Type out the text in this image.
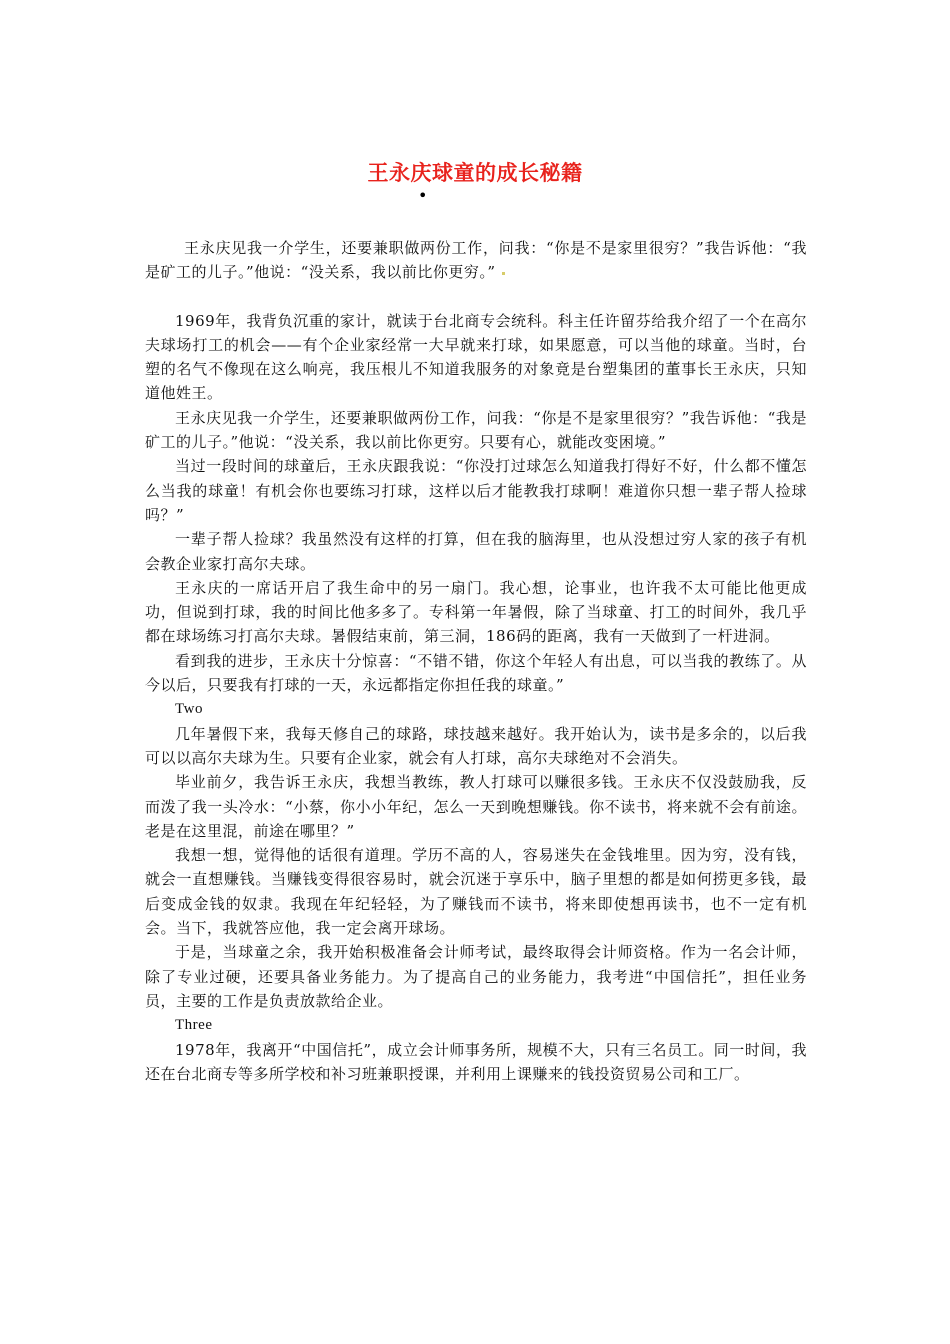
王永庆球童的成长秘籍
•

王永庆见我一介学生，还要兼职做两份工作，问我：“你是不是家里很穷？”我告诉他：“我是矿工的儿子。”他说：“没关系，我以前比你更穷。”

1969年，我背负沉重的家计，就读于台北商专会统科。科主任许留芬给我介绍了一个在高尔夫球场打工的机会——有个企业家经常一大早就来打球，如果愿意，可以当他的球童。当时，台塑的名气不像现在这么响亮，我压根儿不知道我服务的对象竟是台塑集团的董事长王永庆，只知道他姓王。

王永庆见我一介学生，还要兼职做两份工作，问我：“你是不是家里很穷？”我告诉他：“我是矿工的儿子。”他说：“没关系，我以前比你更穷。只要有心，就能改变困境。”

当过一段时间的球童后，王永庆跟我说：“你没打过球怎么知道我打得好不好，什么都不懂怎么当我的球童！有机会你也要练习打球，这样以后才能教我打球啊！难道你只想一辈子帮人捡球吗？”

一辈子帮人捡球？我虽然没有这样的打算，但在我的脑海里，也从没想过穷人家的孩子有机会教企业家打高尔夫球。

王永庆的一席话开启了我生命中的另一扇门。我心想，论事业，也许我不太可能比他更成功，但说到打球，我的时间比他多多了。专科第一年暑假，除了当球童、打工的时间外，我几乎都在球场练习打高尔夫球。暑假结束前，第三洞，186码的距离，我有一天做到了一杆进洞。

看到我的进步，王永庆十分惊喜：“不错不错，你这个年轻人有出息，可以当我的教练了。从今以后，只要我有打球的一天，永远都指定你担任我的球童。”

Two

几年暑假下来，我每天修自己的球路，球技越来越好。我开始认为，读书是多余的，以后我可以以高尔夫球为生。只要有企业家，就会有人打球，高尔夫球绝对不会消失。

毕业前夕，我告诉王永庆，我想当教练，教人打球可以赚很多钱。王永庆不仅没鼓励我，反而泼了我一头冷水：“小蔡，你小小年纪，怎么一天到晚想赚钱。你不读书，将来就不会有前途。老是在这里混，前途在哪里？”

我想一想，觉得他的话很有道理。学历不高的人，容易迷失在金钱堆里。因为穷，没有钱，就会一直想赚钱。当赚钱变得很容易时，就会沉迷于享乐中，脑子里想的都是如何捞更多钱，最后变成金钱的奴隶。我现在年纪轻轻，为了赚钱而不读书，将来即使想再读书，也不一定有机会。当下，我就答应他，我一定会离开球场。

于是，当球童之余，我开始积极准备会计师考试，最终取得会计师资格。作为一名会计师，除了专业过硬，还要具备业务能力。为了提高自己的业务能力，我考进“中国信托”，担任业务员，主要的工作是负责放款给企业。

Three

1978年，我离开“中国信托”，成立会计师事务所，规模不大，只有三名员工。同一时间，我还在台北商专等多所学校和补习班兼职授课，并利用上课赚来的钱投资贸易公司和工厂。
